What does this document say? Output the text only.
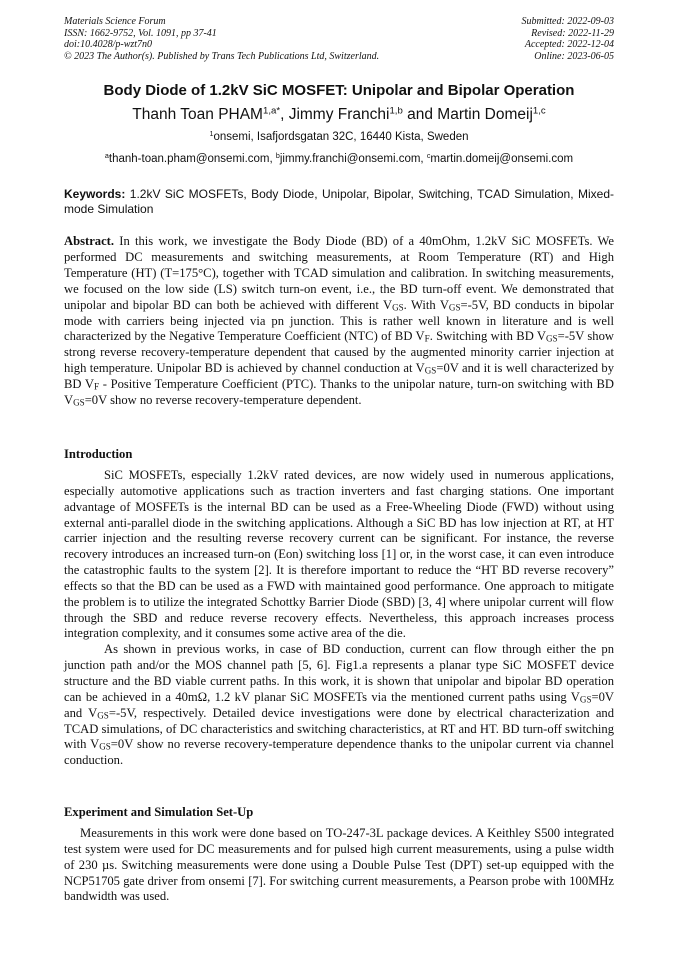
Materials Science Forum
ISSN: 1662-9752, Vol. 1091, pp 37-41
doi:10.4028/p-wzt7n0
© 2023 The Author(s). Published by Trans Tech Publications Ltd, Switzerland.
Submitted: 2022-09-03
Revised: 2022-11-29
Accepted: 2022-12-04
Online: 2023-06-05
Body Diode of 1.2kV SiC MOSFET: Unipolar and Bipolar Operation
Thanh Toan $PHAM^{1,a*}$, Jimmy Franchi$^{1,b}$ and Martin Domeij$^{1,c}$
$^1$onsemi, Isafjordsgatan 32C, 16440 Kista, Sweden
$^a$thanh-toan.pham@onsemi.com, $^b$jimmy.franchi@onsemi.com, $^c$martin.domeij@onsemi.com
Keywords: 1.2kV SiC MOSFETs, Body Diode, Unipolar, Bipolar, Switching, TCAD Simulation, Mixed-mode Simulation
Abstract. In this work, we investigate the Body Diode (BD) of a 40mOhm, 1.2kV SiC MOSFETs. We performed DC measurements and switching measurements, at Room Temperature (RT) and High Temperature (HT) (T=175°C), together with TCAD simulation and calibration. In switching measurements, we focused on the low side (LS) switch turn-on event, i.e., the BD turn-off event. We demonstrated that unipolar and bipolar BD can both be achieved with different $V_{GS}$. With $V_{GS}=-5V$, BD conducts in bipolar mode with carriers being injected via pn junction. This is rather well known in literature and is well characterized by the Negative Temperature Coefficient (NTC) of BD $V_F$. Switching with BD $V_{GS}=-5V$ show strong reverse recovery-temperature dependent that caused by the augmented minority carrier injection at high temperature. Unipolar BD is achieved by channel conduction at $V_{GS}=0V$ and it is well characterized by BD $V_F$ - Positive Temperature Coefficient (PTC). Thanks to the unipolar nature, turn-on switching with BD $V_{GS}=0V$ show no reverse recovery-temperature dependent.
Introduction

SiC MOSFETs, especially 1.2kV rated devices, are now widely used in numerous applications, especially automotive applications such as traction inverters and fast charging stations. One important advantage of MOSFETs is the internal BD can be used as a Free-Wheeling Diode (FWD) without using external anti-parallel diode in the switching applications. Although a SiC BD has low injection at RT, at HT carrier injection and the resulting reverse recovery current can be significant. For instance, the reverse recovery introduces an increased turn-on (Eon) switching loss [1] or, in the worst case, it can even introduce the catastrophic faults to the system [2]. It is therefore important to reduce the “HT BD reverse recovery” effects so that the BD can be used as a FWD with maintained good performance. One approach to mitigate the problem is to utilize the integrated Schottky Barrier Diode (SBD) [3, 4] where unipolar current will flow through the SBD and reduce reverse recovery effects. Nevertheless, this approach increases process integration complexity, and it consumes some active area of the die.

As shown in previous works, in case of BD conduction, current can flow through either the pn junction path and/or the MOS channel path [5, 6]. Fig1.a represents a planar type SiC MOSFET device structure and the BD viable current paths. In this work, it is shown that unipolar and bipolar BD operation can be achieved in a 40mΩ, 1.2 kV planar SiC MOSFETs via the mentioned current paths using $V_{GS}=0V$ and $V_{GS}=-5V$, respectively. Detailed device investigations were done by electrical characterization and TCAD simulations, of DC characteristics and switching characteristics, at RT and HT. BD turn-off switching with $V_{GS}=0V$ show no reverse recovery-temperature dependence thanks to the unipolar current via channel conduction.

Experiment and Simulation Set-Up

Measurements in this work were done based on TO-247-3L package devices. A Keithley S500 integrated test system were used for DC measurements and for pulsed high current measurements, using a pulse width of 230 µs. Switching measurements were done using a Double Pulse Test (DPT) set-up equipped with the NCP51705 gate driver from onsemi [7]. For switching current measurements, a Pearson probe with 100MHz bandwidth was used.
